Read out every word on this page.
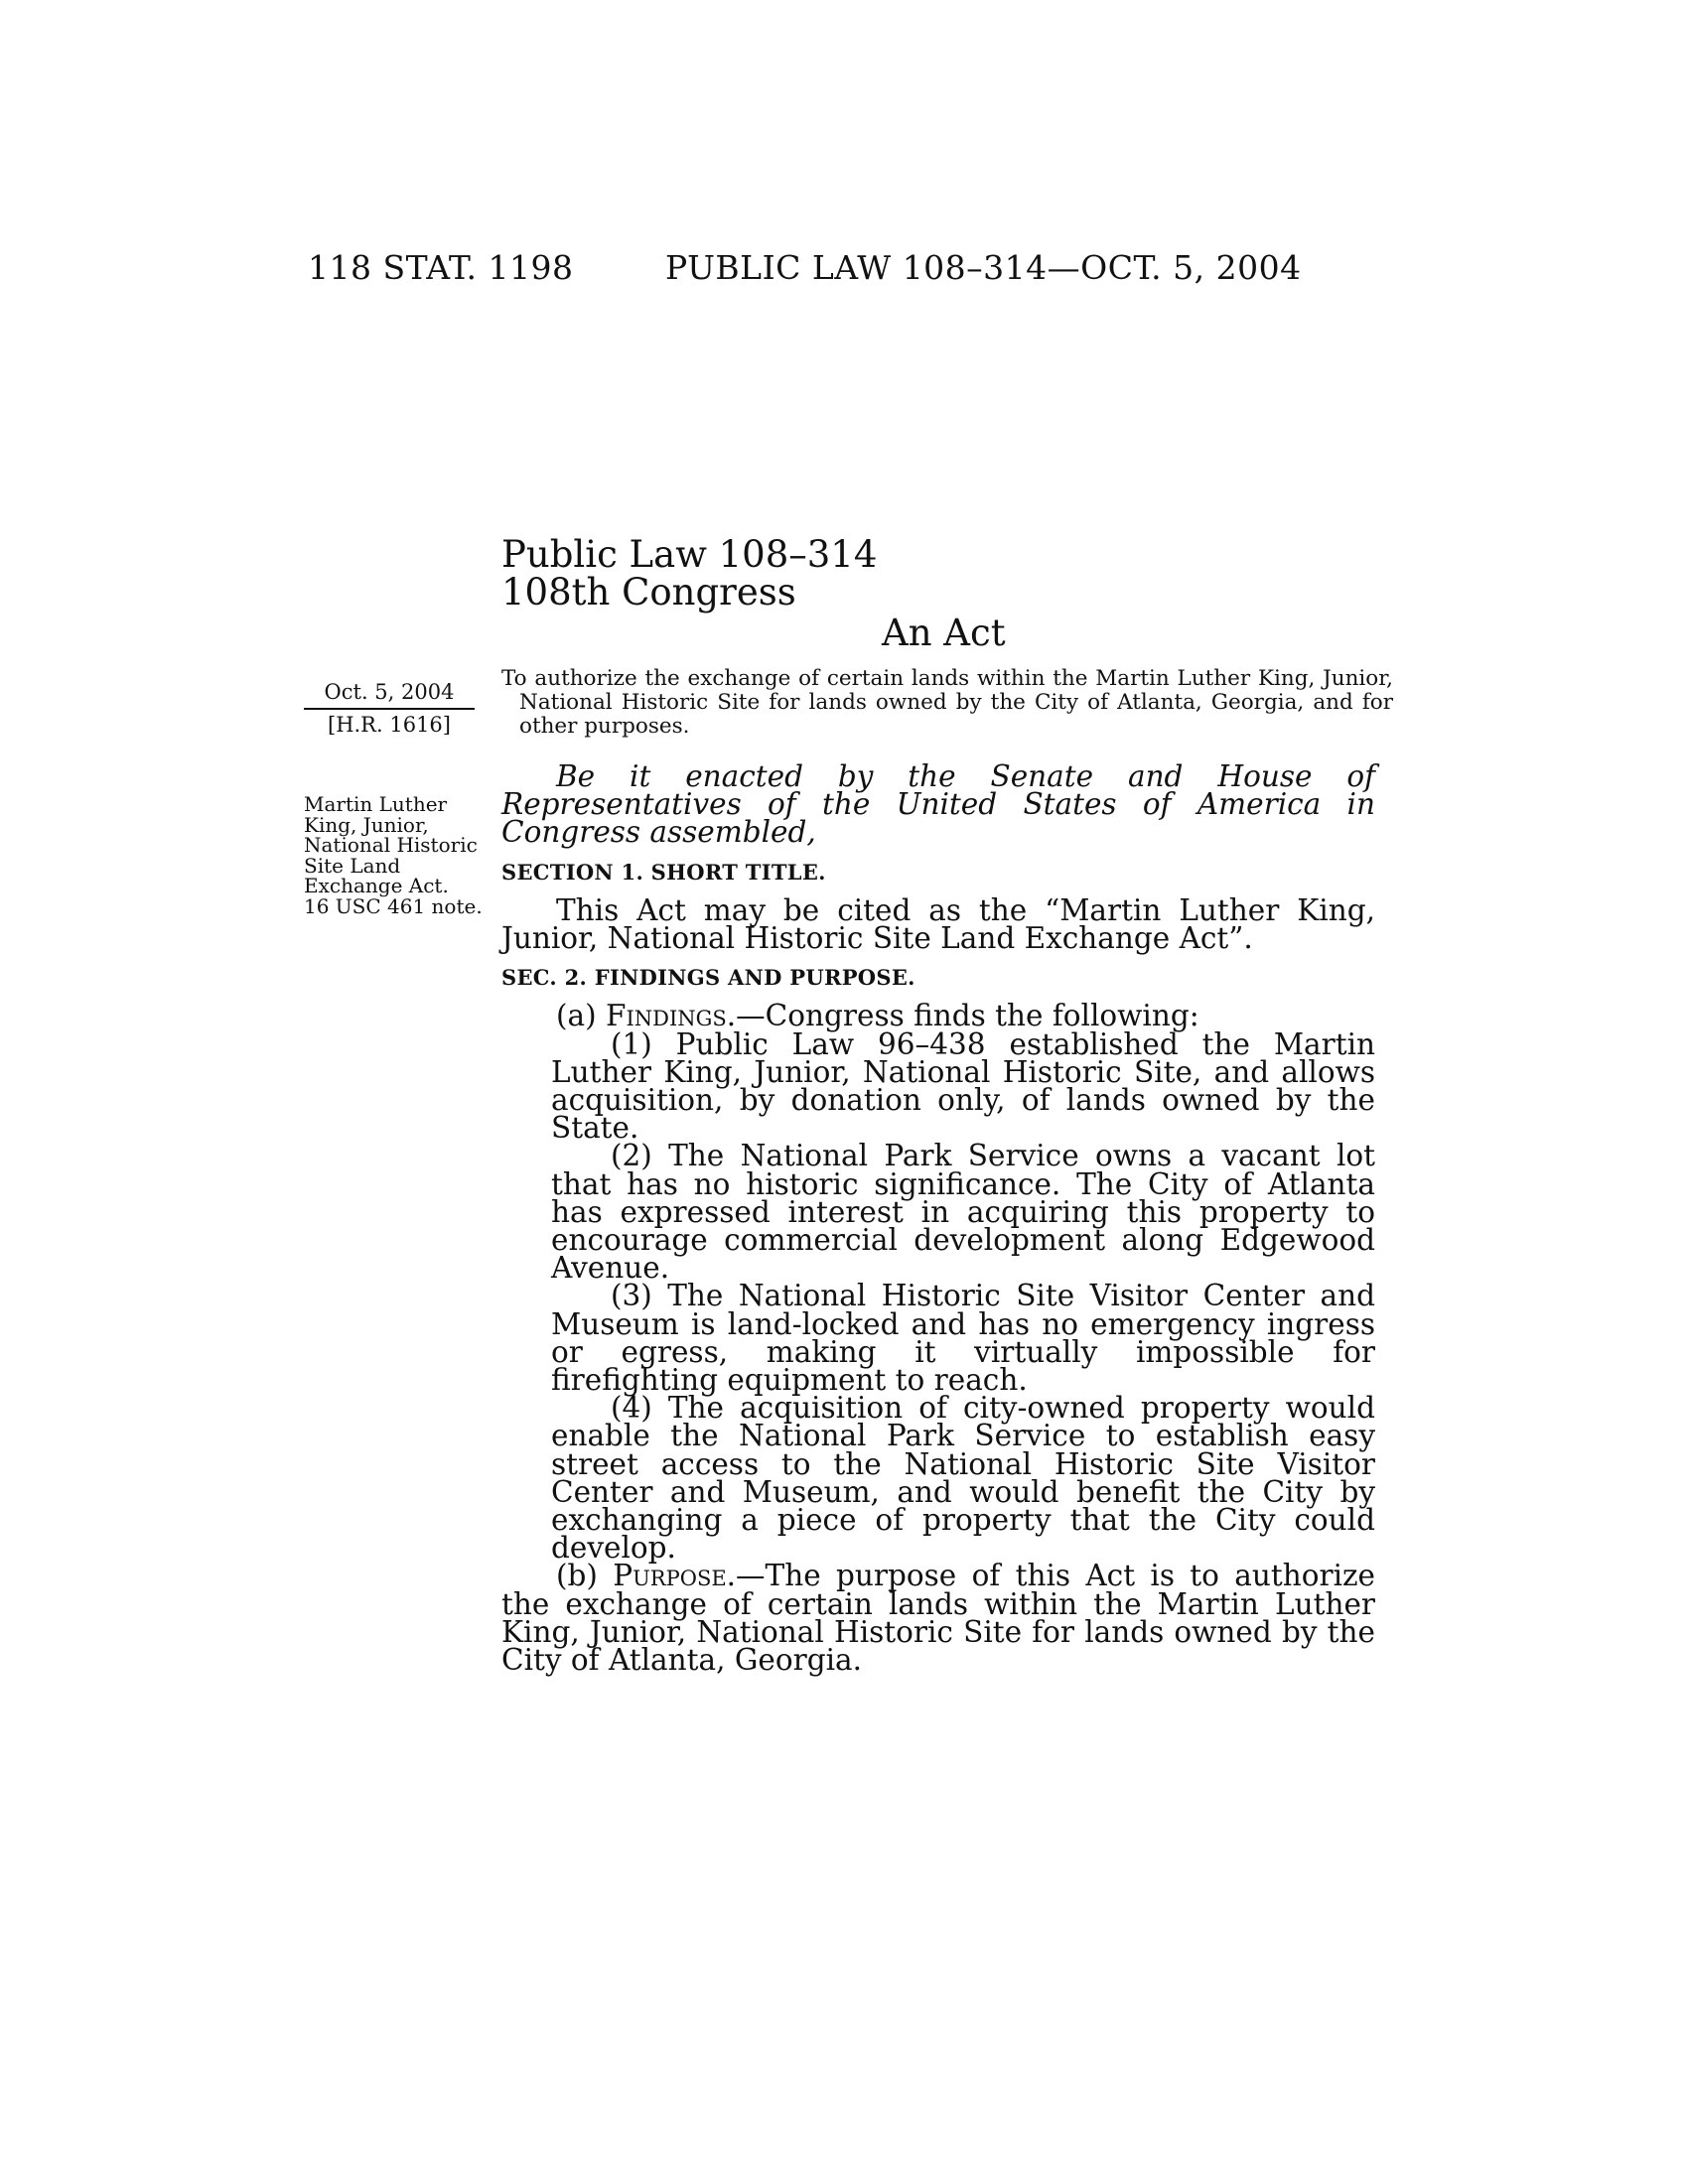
118 STAT. 1198	PUBLIC LAW 108–314—OCT. 5, 2004
Public Law 108–314
108th Congress
An Act
Oct. 5, 2004
[H.R. 1616]
To authorize the exchange of certain lands within the Martin Luther King, Junior, National Historic Site for lands owned by the City of Atlanta, Georgia, and for other purposes.
Martin Luther
King, Junior,
National Historic
Site Land
Exchange Act.
16 USC 461 note.

Be it enacted by the Senate and House of Representatives of the United States of America in Congress assembled,

SECTION 1. SHORT TITLE.

This Act may be cited as the “Martin Luther King, Junior, National Historic Site Land Exchange Act”.

SEC. 2. FINDINGS AND PURPOSE.

(a) Findings.—Congress finds the following:

(1) Public Law 96–438 established the Martin Luther King, Junior, National Historic Site, and allows acquisition, by donation only, of lands owned by the State.

(2) The National Park Service owns a vacant lot that has no historic significance. The City of Atlanta has expressed interest in acquiring this property to encourage commercial development along Edgewood Avenue.

(3) The National Historic Site Visitor Center and Museum is land-locked and has no emergency ingress or egress, making it virtually impossible for firefighting equipment to reach.

(4) The acquisition of city-owned property would enable the National Park Service to establish easy street access to the National Historic Site Visitor Center and Museum, and would benefit the City by exchanging a piece of property that the City could develop.

(b) Purpose.—The purpose of this Act is to authorize the exchange of certain lands within the Martin Luther King, Junior, National Historic Site for lands owned by the City of Atlanta, Georgia.
